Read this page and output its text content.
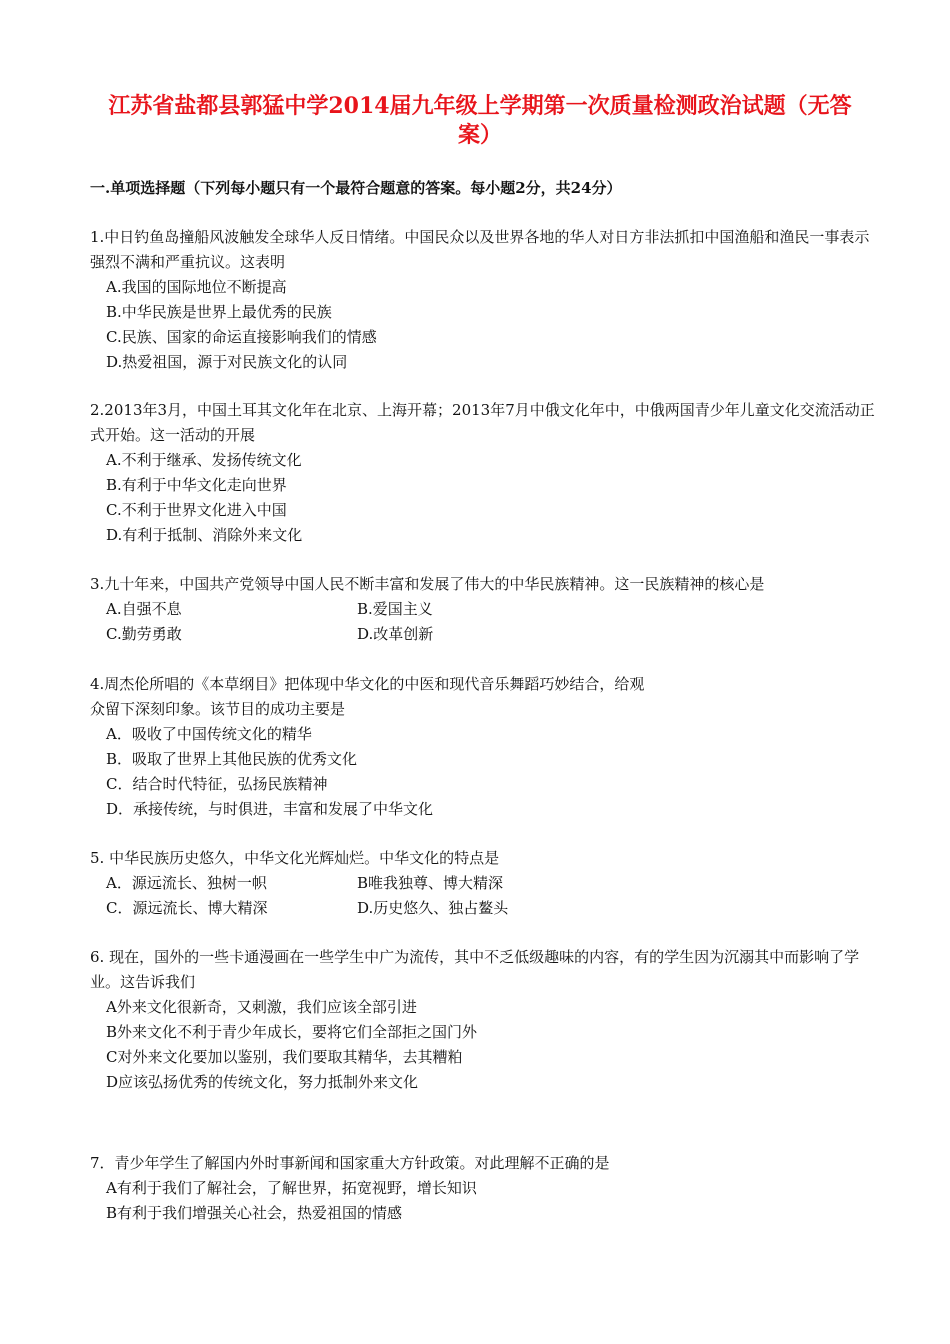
江苏省盐都县郭猛中学2014届九年级上学期第一次质量检测政治试题（无答案）
一.单项选择题（下列每小题只有一个最符合题意的答案。每小题2分，共24分）

1.中日钓鱼岛撞船风波触发全球华人反日情绪。中国民众以及世界各地的华人对日方非法抓扣中国渔船和渔民一事表示强烈不满和严重抗议。这表明

A.我国的国际地位不断提高
B.中华民族是世界上最优秀的民族
C.民族、国家的命运直接影响我们的情感
D.热爱祖国，源于对民族文化的认同

2.2013年3月，中国土耳其文化年在北京、上海开幕；2013年7月中俄文化年中，中俄两国青少年儿童文化交流活动正式开始。这一活动的开展

A.不利于继承、发扬传统文化
B.有利于中华文化走向世界
C.不利于世界文化进入中国
D.有利于抵制、消除外来文化

3.九十年来，中国共产党领导中国人民不断丰富和发展了伟大的中华民族精神。这一民族精神的核心是

A.自强不息	B.爱国主义
C.勤劳勇敢	D.改革创新

4.周杰伦所唱的《本草纲目》把体现中华文化的中医和现代音乐舞蹈巧妙结合，给观众留下深刻印象。该节目的成功主要是

A．吸收了中国传统文化的精华
B．吸取了世界上其他民族的优秀文化
C．结合时代特征，弘扬民族精神
D．承接传统，与时俱进，丰富和发展了中华文化

5. 中华民族历史悠久，中华文化光辉灿烂。中华文化的特点是

A．源远流长、独树一帜	B唯我独尊、博大精深
C．源远流长、博大精深	D.历史悠久、独占鳌头

6. 现在，国外的一些卡通漫画在一些学生中广为流传，其中不乏低级趣味的内容，有的学生因为沉溺其中而影响了学业。这告诉我们

A外来文化很新奇，又刺激，我们应该全部引进
B外来文化不利于青少年成长，要将它们全部拒之国门外
C对外来文化要加以鉴别，我们要取其精华，去其糟粕
D应该弘扬优秀的传统文化，努力抵制外来文化

7．青少年学生了解国内外时事新闻和国家重大方针政策。对此理解不正确的是

A有利于我们了解社会，了解世界，拓宽视野，增长知识
B有利于我们增强关心社会，热爱祖国的情感
